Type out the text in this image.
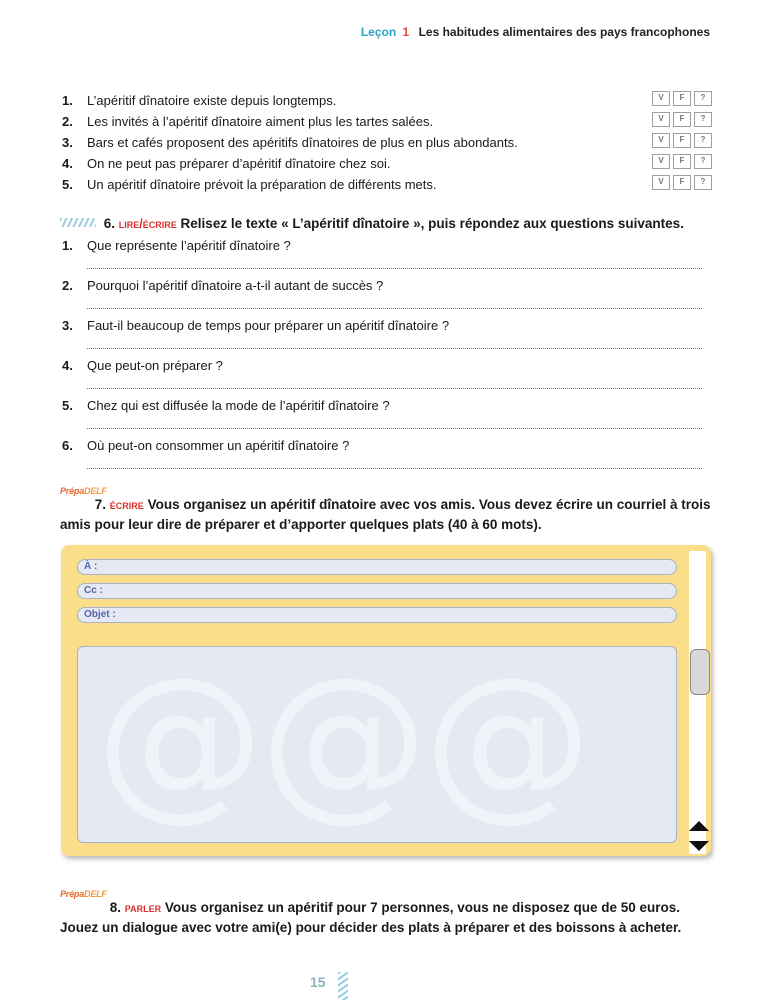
Leçon 1 Les habitudes alimentaires des pays francophones
1. L’apéritif dînatoire existe depuis longtemps.	V	F	?
2. Les invités à l’apéritif dînatoire aiment plus les tartes salées.	V	F	?
3. Bars et cafés proposent des apéritifs dînatoires de plus en plus abondants.	V	F	?
4. On ne peut pas préparer d’apéritif dînatoire chez soi.	V	F	?
5. Un apéritif dînatoire prévoit la préparation de différents mets.	V	F	?
6. lire/écrire Relisez le texte « L’apéritif dînatoire », puis répondez aux questions suivantes.
1. Que représente l’apéritif dînatoire ?
2. Pourquoi l’apéritif dînatoire a-t-il autant de succès ?
3. Faut-il beaucoup de temps pour préparer un apéritif dînatoire ?
4. Que peut-on préparer ?
5. Chez qui est diffusée la mode de l’apéritif dînatoire ?
6. Où peut-on consommer un apéritif dînatoire ?
PrépaDELF
7. écrire Vous organisez un apéritif dînatoire avec vos amis. Vous devez écrire un courriel à trois amis pour leur dire de préparer et d’apporter quelques plats (40 à 60 mots).
À :
Cc :
Objet :
@@@
PrépaDELF
8. parler Vous organisez un apéritif pour 7 personnes, vous ne disposez que de 50 euros. Jouez un dialogue avec votre ami(e) pour décider des plats à préparer et des boissons à acheter.
15
